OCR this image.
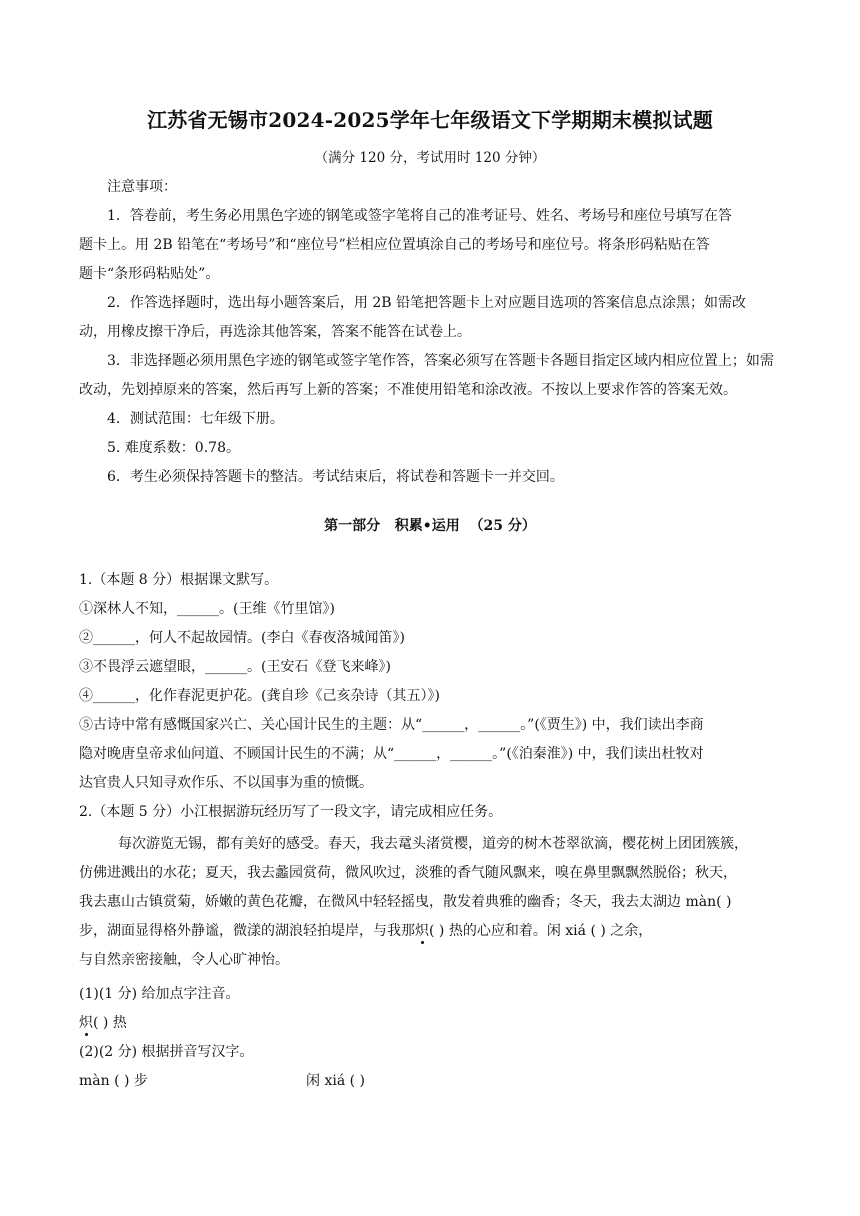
江苏省无锡市2024-2025学年七年级语文下学期期末模拟试题
（满分 120 分，考试用时 120 分钟）
注意事项：
1．答卷前，考生务必用黑色字迹的钢笔或签字笔将自己的准考证号、姓名、考场号和座位号填写在答
题卡上。用 2B 铅笔在“考场号”和“座位号”栏相应位置填涂自己的考场号和座位号。将条形码粘贴在答
题卡“条形码粘贴处”。
2．作答选择题时，选出每小题答案后，用 2B 铅笔把答题卡上对应题目选项的答案信息点涂黑；如需改
动，用橡皮擦干净后，再选涂其他答案，答案不能答在试卷上。
3．非选择题必须用黑色字迹的钢笔或签字笔作答，答案必须写在答题卡各题目指定区域内相应位置上；如需
改动，先划掉原来的答案，然后再写上新的答案；不准使用铅笔和涂改液。不按以上要求作答的答案无效。
4．测试范围：七年级下册。
5. 难度系数：0.78。
6．考生必须保持答题卡的整洁。考试结束后，将试卷和答题卡一并交回。
第一部分   积累•运用  （25 分）
1.（本题 8 分）根据课文默写。
①深林人不知，______。(王维《竹里馆》)
②______，何人不起故园情。(李白《春夜洛城闻笛》)
③不畏浮云遮望眼，______。(王安石《登飞来峰》)
④______，化作春泥更护花。(龚自珍《己亥杂诗（其五）》)
⑤古诗中常有感慨国家兴亡、关心国计民生的主题：从“______，______。”(《贾生》) 中，我们读出李商
隐对晚唐皇帝求仙问道、不顾国计民生的不满；从“______，______。”(《泊秦淮》) 中，我们读出杜牧对
达官贵人只知寻欢作乐、不以国事为重的愤慨。
2.（本题 5 分）小江根据游玩经历写了一段文字，请完成相应任务。
每次游览无锡，都有美好的感受。春天，我去鼋头渚赏樱，道旁的树木苍翠欲滴，樱花树上团团簇簇，
仿佛进溅出的水花；夏天，我去蠡园赏荷，微风吹过，淡雅的香气随风飘来，嗅在鼻里飘飘然脱俗；秋天，
我去惠山古镇赏菊，娇嫩的黄色花瓣，在微风中轻轻摇曳，散发着典雅的幽香；冬天，我去太湖边 màn( )
步，湖面显得格外静谧，微漾的湖浪轻拍堤岸，与我那炽( ) 热的心应和着。闲 xiá ( ) 之余，
与自然亲密接触，令人心旷神怡。
(1)(1 分) 给加点字注音。
炽( ) 热
(2)(2 分) 根据拼音写汉字。
màn ( ) 步	闲 xiá ( )
